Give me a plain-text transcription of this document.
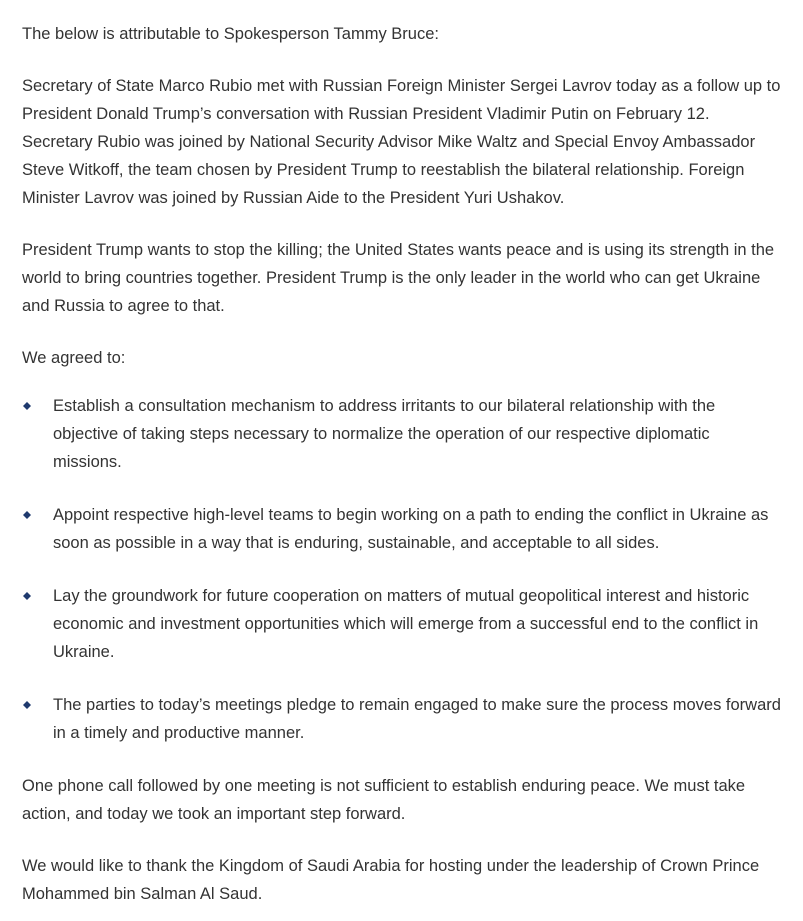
The below is attributable to Spokesperson Tammy Bruce:

Secretary of State Marco Rubio met with Russian Foreign Minister Sergei Lavrov today as a follow up to President Donald Trump’s conversation with Russian President Vladimir Putin on February 12. Secretary Rubio was joined by National Security Advisor Mike Waltz and Special Envoy Ambassador Steve Witkoff, the team chosen by President Trump to reestablish the bilateral relationship. Foreign Minister Lavrov was joined by Russian Aide to the President Yuri Ushakov.

President Trump wants to stop the killing; the United States wants peace and is using its strength in the world to bring countries together. President Trump is the only leader in the world who can get Ukraine and Russia to agree to that.

We agreed to:

Establish a consultation mechanism to address irritants to our bilateral relationship with the objective of taking steps necessary to normalize the operation of our respective diplomatic missions.

Appoint respective high-level teams to begin working on a path to ending the conflict in Ukraine as soon as possible in a way that is enduring, sustainable, and acceptable to all sides.

Lay the groundwork for future cooperation on matters of mutual geopolitical interest and historic economic and investment opportunities which will emerge from a successful end to the conflict in Ukraine.

The parties to today’s meetings pledge to remain engaged to make sure the process moves forward in a timely and productive manner.

One phone call followed by one meeting is not sufficient to establish enduring peace. We must take action, and today we took an important step forward.

We would like to thank the Kingdom of Saudi Arabia for hosting under the leadership of Crown Prince Mohammed bin Salman Al Saud.
